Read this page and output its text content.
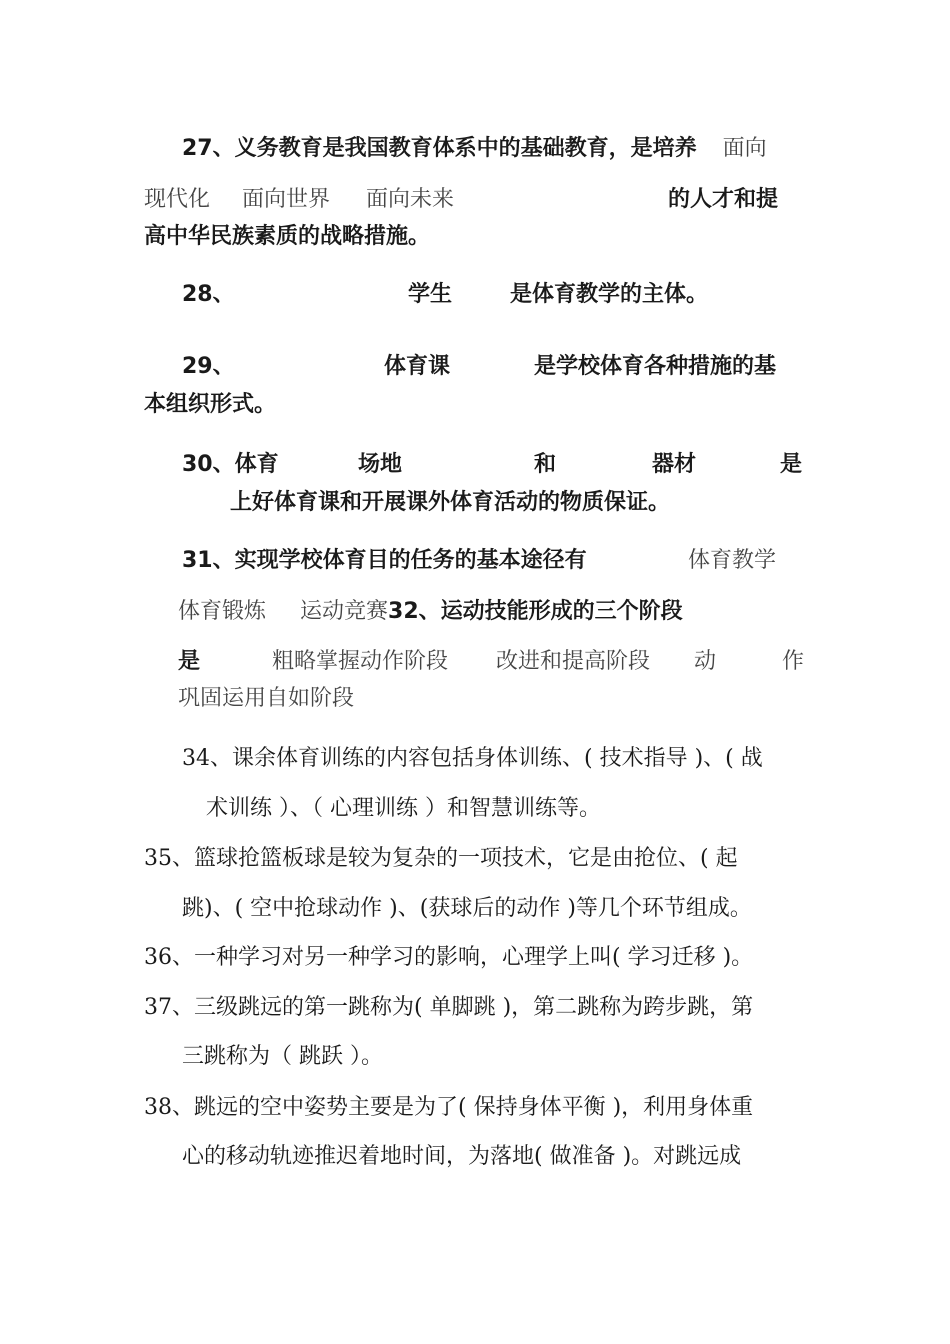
27、义务教育是我国教育体系中的基础教育，是培养 面向
现代化 面向世界 面向未来	的人才和提
高中华民族素质的战略措施。
28、	学生	是体育教学的主体。
29、	体育课	是学校体育各种措施的基
本组织形式。
30、体育	场地	和	器材	是
上好体育课和开展课外体育活动的物质保证。
31、实现学校体育目的任务的基本途径有	体育教学
体育锻炼 运动竞赛32、运动技能形成的三个阶段
是	粗略掌握动作阶段 改进和提高阶段 动	作
巩固运用自如阶段
34、课余体育训练的内容包括身体训练、( 技术指导 )、( 战
术训练 ）、（ 心理训练 ）和智慧训练等。
35、篮球抢篮板球是较为复杂的一项技术，它是由抢位、( 起
跳)、( 空中抢球动作 )、(获球后的动作 )等几个环节组成。
36、一种学习对另一种学习的影响，心理学上叫( 学习迁移 )。
37、三级跳远的第一跳称为( 单脚跳 )，第二跳称为跨步跳，第
三跳称为（ 跳跃 ）。
38、跳远的空中姿势主要是为了( 保持身体平衡 )，利用身体重
心的移动轨迹推迟着地时间，为落地( 做准备 )。对跳远成
